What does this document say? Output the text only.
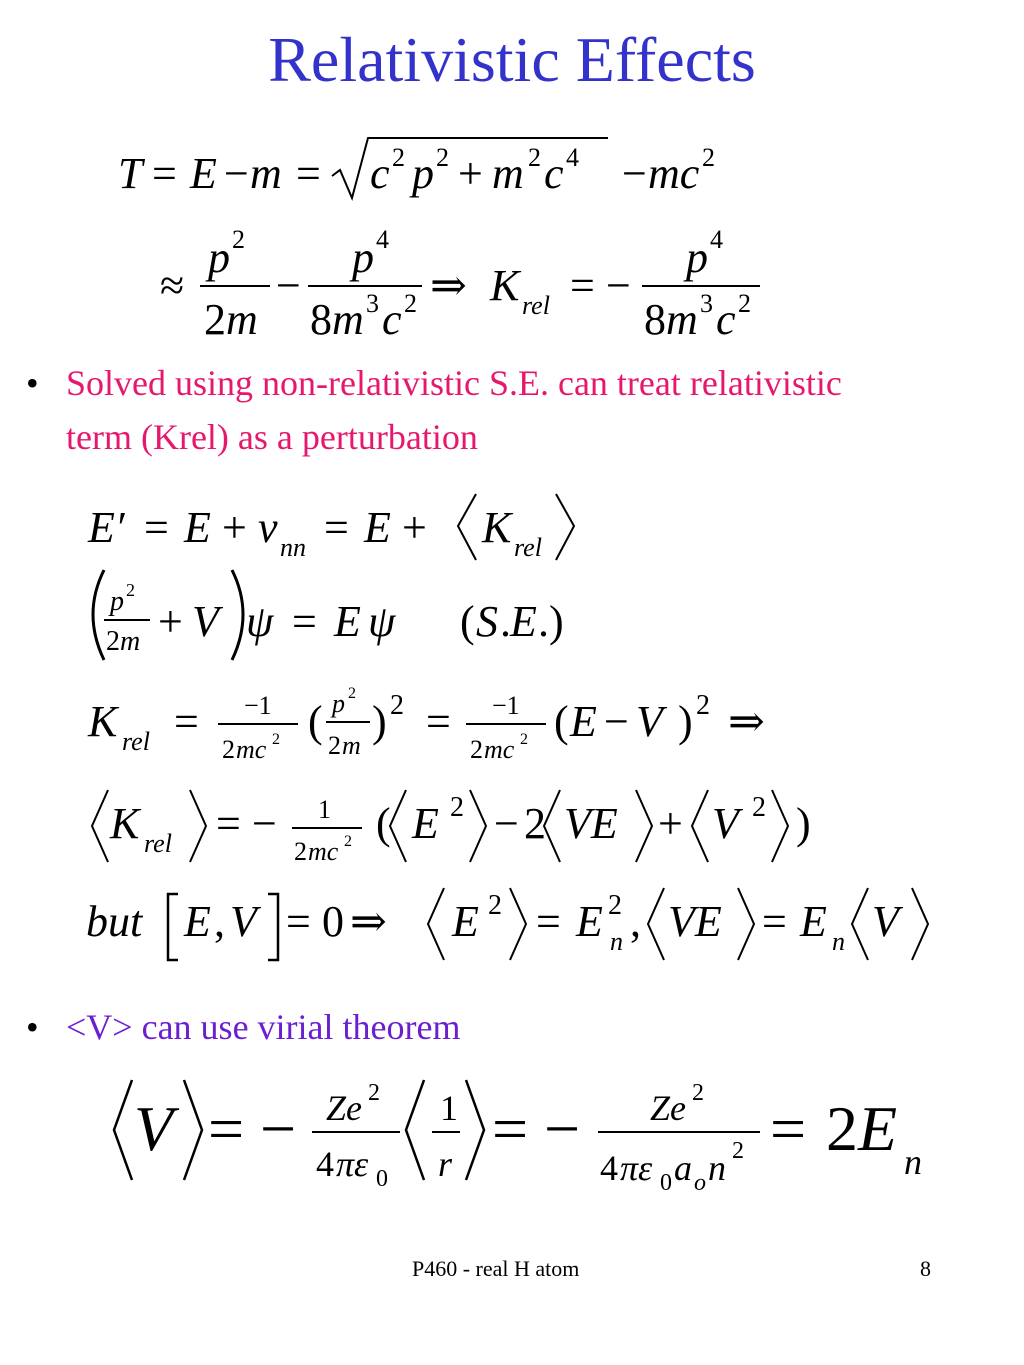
Relativistic Effects
T = E − m = c 2 p 2 + m 2 c 4 − mc 2
≈
p 2
2 m
−
p 4
8 m 3 c 2 ⇒ K rel = −
p 4
8 m 3 c 2
• Solved using non-relativistic S.E. can treat relativistic term (Krel) as a perturbation
E′ = E + v nn = E + K rel
p 2
2 m + V ψ = E ψ ( S . E .)
K rel = −1
2 mc 2 ( p 2
2 m ) 2 = −1
2 mc 2 ( E − V ) 2 ⇒
K rel = − 1
2 mc 2 ( E 2 − 2 VE + V 2 )
but E , V = 0 ⇒ E 2 = E 2
n , VE = E n V
• <V> can use virial theorem
V = − Ze 2
4 πε 0
1
r = − Ze 2
4 πε 0 a o n 2 = 2 E n
P460 - real H atom	8
